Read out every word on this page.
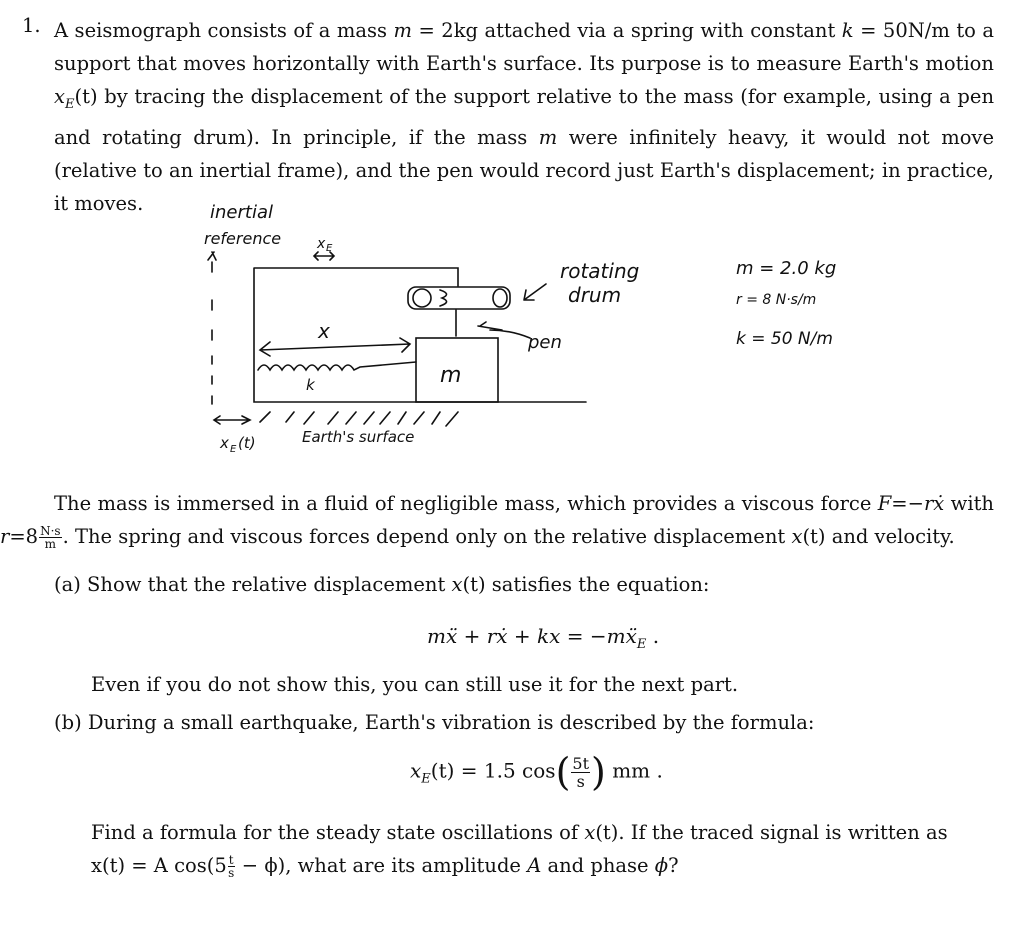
1. A seismograph consists of a mass m = 2kg attached via a spring with constant k = 50N/m to a support that moves horizontally with Earth's surface. Its purpose is to measure Earth's motion $x_E(t)$ by tracing the displacement of the support relative to the mass (for example, using a pen and rotating drum). In principle, if the mass m were infinitely heavy, it would not move (relative to an inertial frame), and the pen would record just Earth's displacement; in practice, it moves.	inertial
reference	x E
x
k	m
rotating
drum
pen
x E (t)	Earth's surface
m = 2.0 kg
r = 8 N·s/m
k = 50 N/m
The mass is immersed in a fluid of negligible mass, which provides a viscous force F=−rẋ with $r=8 \frac{N\cdot s}{m}$ . The spring and viscous forces depend only on the relative displacement x(t) and velocity.
(a) Show that the relative displacement x(t) satisfies the equation:
mẍ + rẋ + kx = −mẍ$_E$ .
Even if you do not show this, you can still use it for the next part.
(b) During a small earthquake, Earth's vibration is described by the formula:
$x_E(t) = 1.5$ $\cos( \frac{5t}{s}$ ) mm .
Find a formula for the steady state oscillations of x(t). If the traced signal is written as
x(t) = A $\cos(5 \frac{t}{s} - \phi)$, what are its amplitude A and phase ϕ?
